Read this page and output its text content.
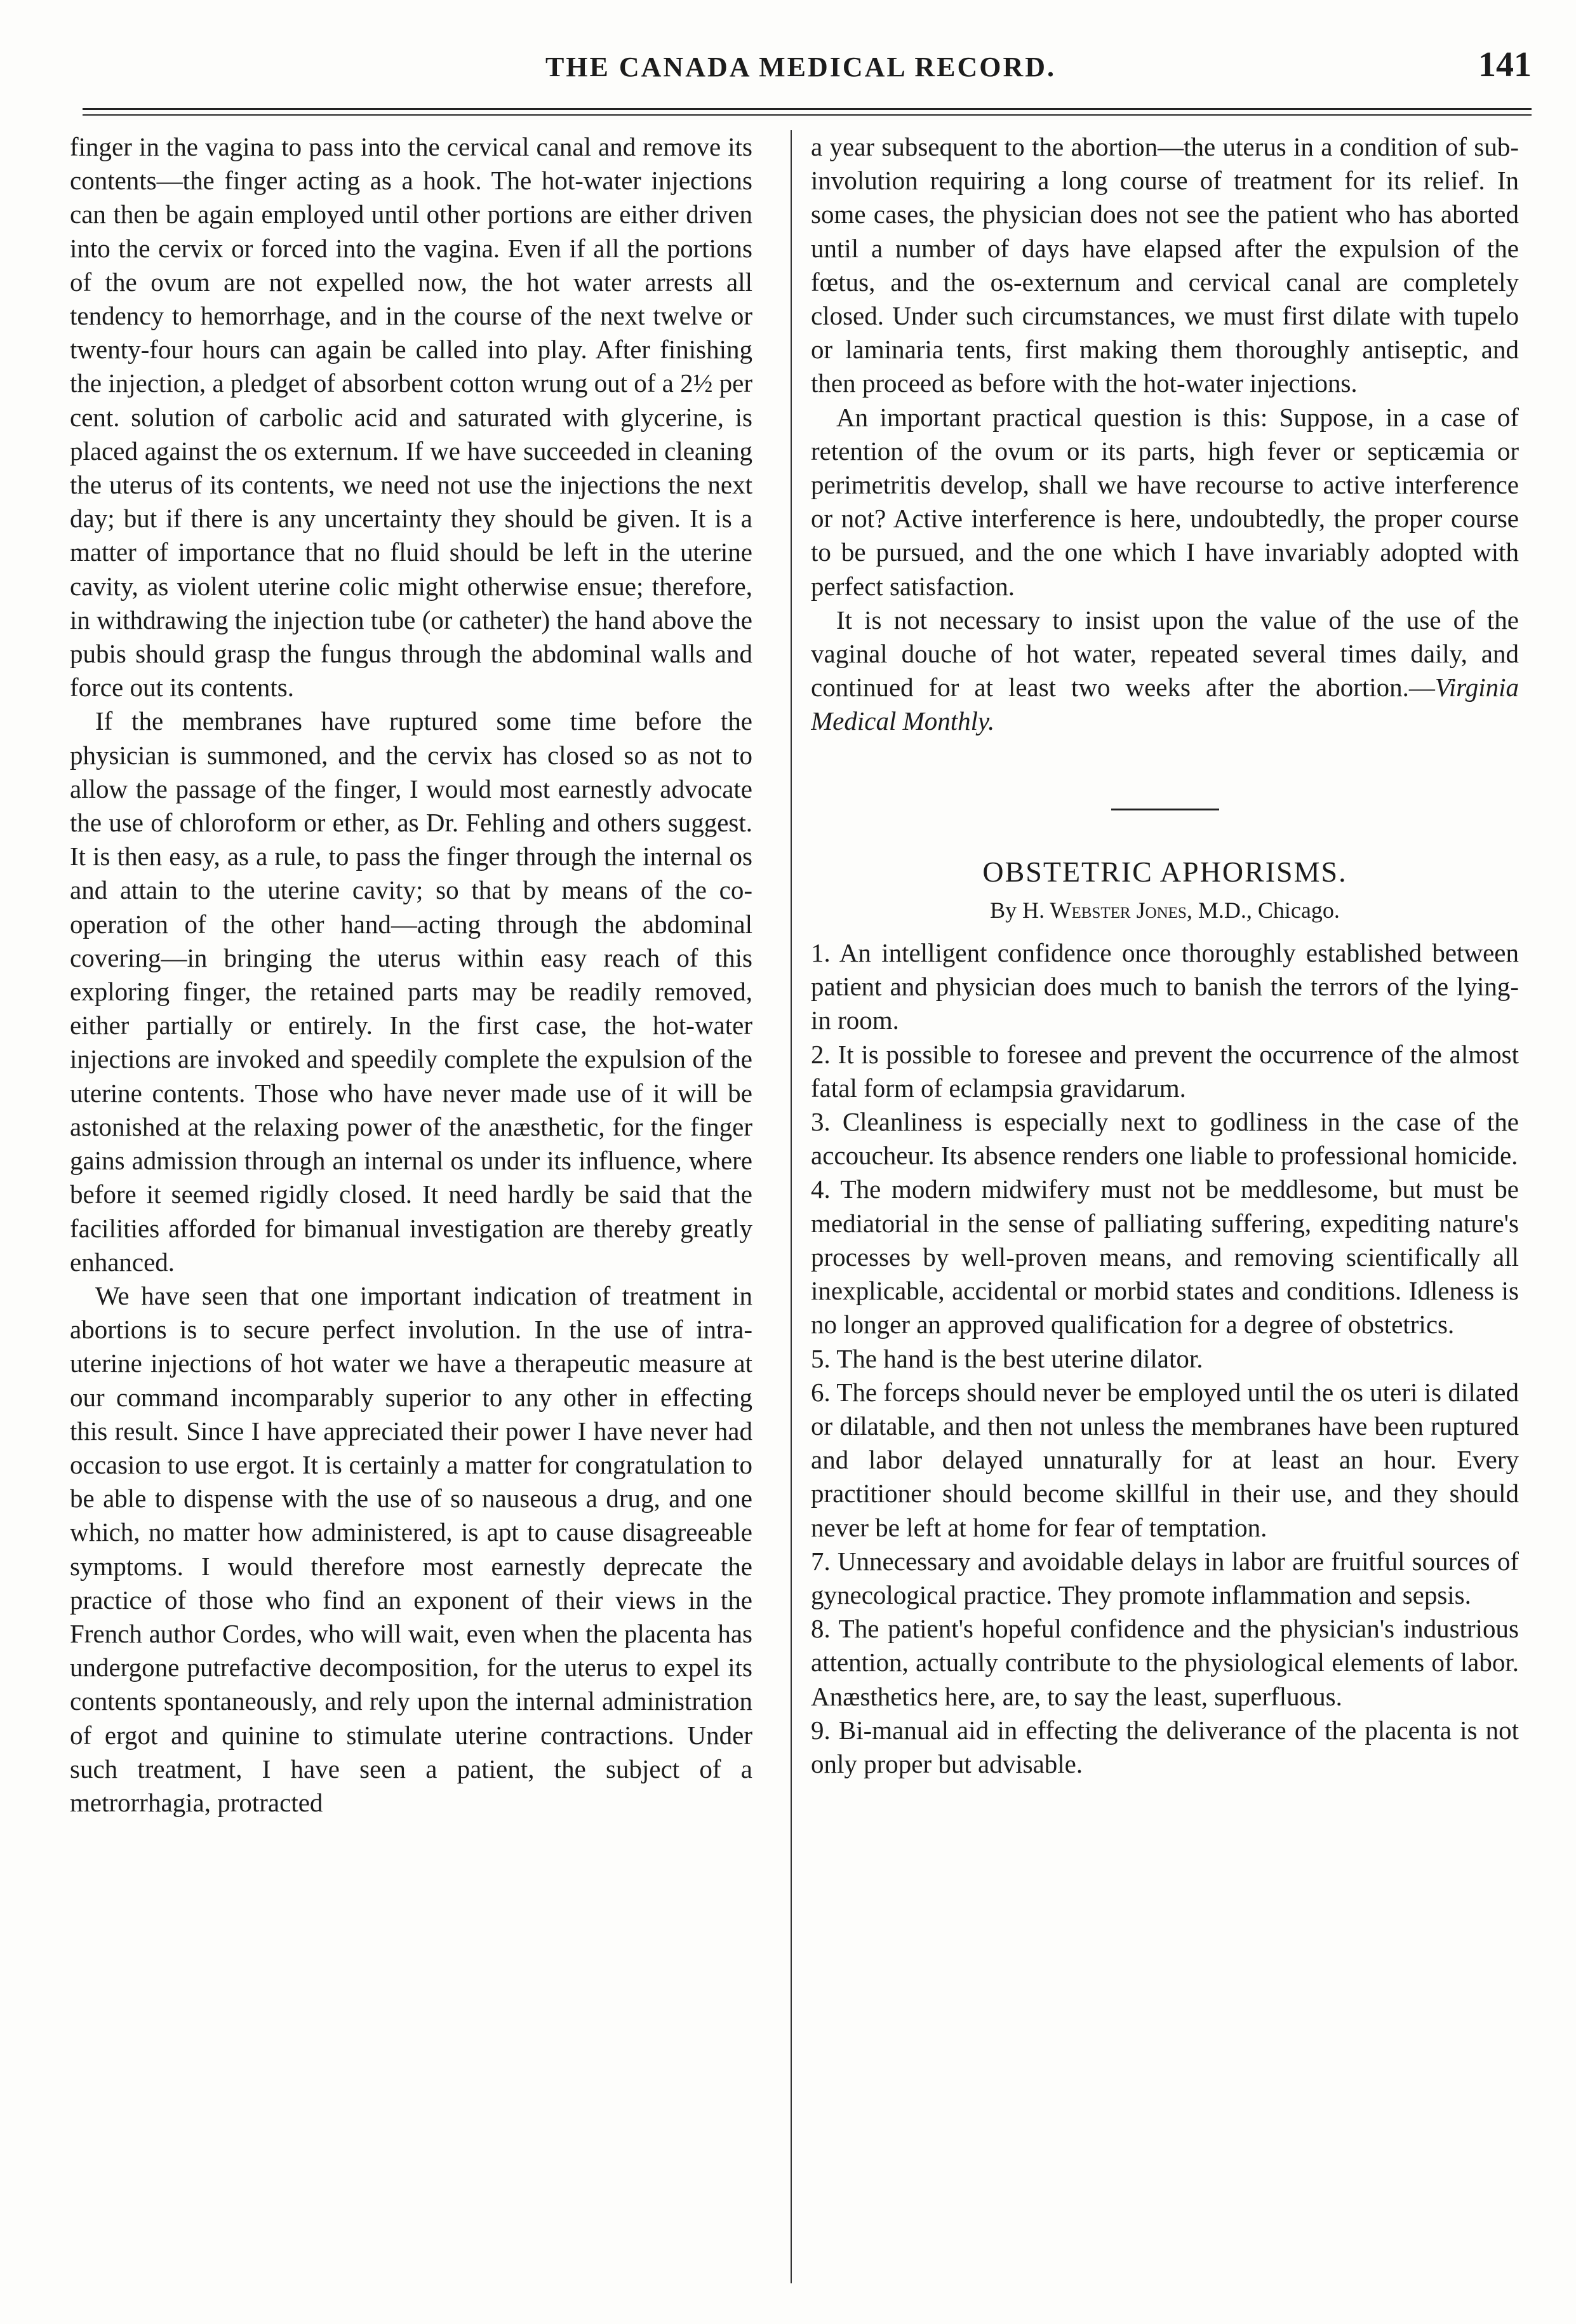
THE CANADA MEDICAL RECORD.	141

finger in the vagina to pass into the cervical canal and remove its contents—the finger acting as a hook. The hot-water injections can then be again employed until other portions are either driven into the cervix or forced into the vagina. Even if all the portions of the ovum are not expelled now, the hot water arrests all tendency to hemorrhage, and in the course of the next twelve or twenty-four hours can again be called into play. After finishing the injection, a pledget of absorbent cotton wrung out of a 2½ per cent. solution of carbolic acid and saturated with glycerine, is placed against the os externum. If we have succeeded in cleaning the uterus of its contents, we need not use the injections the next day; but if there is any uncertainty they should be given. It is a matter of importance that no fluid should be left in the uterine cavity, as violent uterine colic might otherwise ensue; therefore, in withdrawing the injection tube (or catheter) the hand above the pubis should grasp the fungus through the abdominal walls and force out its contents.

If the membranes have ruptured some time before the physician is summoned, and the cervix has closed so as not to allow the passage of the finger, I would most earnestly advocate the use of chloroform or ether, as Dr. Fehling and others suggest. It is then easy, as a rule, to pass the finger through the internal os and attain to the uterine cavity; so that by means of the co-operation of the other hand—acting through the abdominal covering—in bringing the uterus within easy reach of this exploring finger, the retained parts may be readily removed, either partially or entirely. In the first case, the hot-water injections are invoked and speedily complete the expulsion of the uterine contents. Those who have never made use of it will be astonished at the relaxing power of the anæsthetic, for the finger gains admission through an internal os under its influence, where before it seemed rigidly closed. It need hardly be said that the facilities afforded for bimanual investigation are thereby greatly enhanced.

We have seen that one important indication of treatment in abortions is to secure perfect involution. In the use of intra-uterine injections of hot water we have a therapeutic measure at our command incomparably superior to any other in effecting this result. Since I have appreciated their power I have never had occasion to use ergot. It is certainly a matter for congratulation to be able to dispense with the use of so nauseous a drug, and one which, no matter how administered, is apt to cause disagreeable symptoms. I would therefore most earnestly deprecate the practice of those who find an exponent of their views in the French author Cordes, who will wait, even when the placenta has undergone putrefactive decomposition, for the uterus to expel its contents spontaneously, and rely upon the internal administration of ergot and quinine to stimulate uterine contractions. Under such treatment, I have seen a patient, the subject of a metrorrhagia, protracted

a year subsequent to the abortion—the uterus in a condition of sub-involution requiring a long course of treatment for its relief. In some cases, the physician does not see the patient who has aborted until a number of days have elapsed after the expulsion of the fœtus, and the os-externum and cervical canal are completely closed. Under such circumstances, we must first dilate with tupelo or laminaria tents, first making them thoroughly antiseptic, and then proceed as before with the hot-water injections.

An important practical question is this: Suppose, in a case of retention of the ovum or its parts, high fever or septicæmia or perimetritis develop, shall we have recourse to active interference or not? Active interference is here, undoubtedly, the proper course to be pursued, and the one which I have invariably adopted with perfect satisfaction.

It is not necessary to insist upon the value of the use of the vaginal douche of hot water, repeated several times daily, and continued for at least two weeks after the abortion.—Virginia Medical Monthly.

OBSTETRIC APHORISMS.
By H. Webster Jones, M.D., Chicago.

1. An intelligent confidence once thoroughly established between patient and physician does much to banish the terrors of the lying-in room.

2. It is possible to foresee and prevent the occurrence of the almost fatal form of eclampsia gravidarum.

3. Cleanliness is especially next to godliness in the case of the accoucheur. Its absence renders one liable to professional homicide.

4. The modern midwifery must not be meddlesome, but must be mediatorial in the sense of palliating suffering, expediting nature's processes by well-proven means, and removing scientifically all inexplicable, accidental or morbid states and conditions. Idleness is no longer an approved qualification for a degree of obstetrics.

5. The hand is the best uterine dilator.

6. The forceps should never be employed until the os uteri is dilated or dilatable, and then not unless the membranes have been ruptured and labor delayed unnaturally for at least an hour. Every practitioner should become skillful in their use, and they should never be left at home for fear of temptation.

7. Unnecessary and avoidable delays in labor are fruitful sources of gynecological practice. They promote inflammation and sepsis.

8. The patient's hopeful confidence and the physician's industrious attention, actually contribute to the physiological elements of labor. Anæsthetics here, are, to say the least, superfluous.

9. Bi-manual aid in effecting the deliverance of the placenta is not only proper but advisable.
